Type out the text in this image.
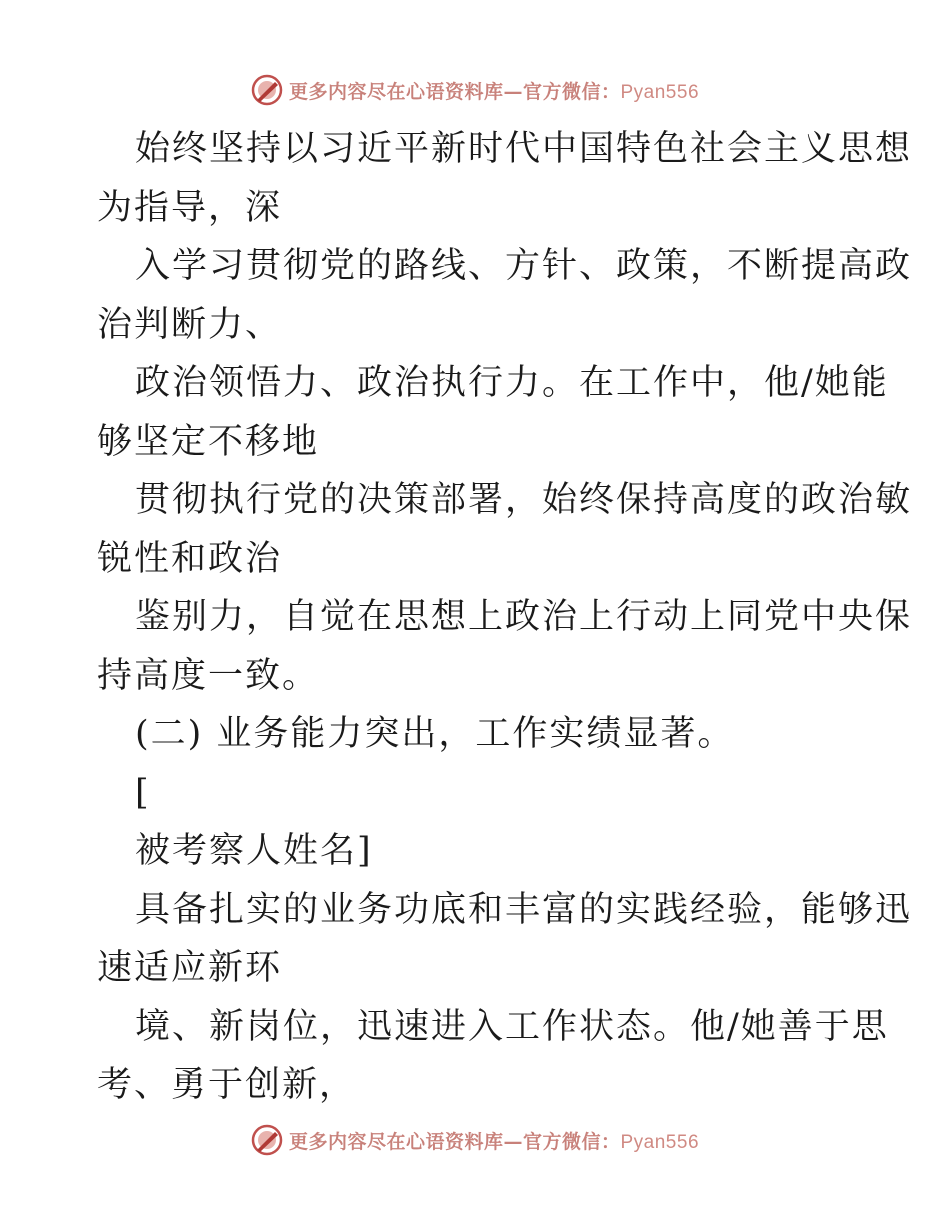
更多内容尽在心语资料库—官方微信：Pyan556
始终坚持以习近平新时代中国特色社会主义思想
为指导，深
入学习贯彻党的路线、方针、政策，不断提高政
治判断力、
政治领悟力、政治执行力。在工作中，他/她能
够坚定不移地
贯彻执行党的决策部署，始终保持高度的政治敏
锐性和政治
鉴别力，自觉在思想上政治上行动上同党中央保
持高度一致。
(二) 业务能力突出，工作实绩显著。
[
被考察人姓名]
具备扎实的业务功底和丰富的实践经验，能够迅
速适应新环
境、新岗位，迅速进入工作状态。他/她善于思
考、勇于创新，
更多内容尽在心语资料库—官方微信：Pyan556
